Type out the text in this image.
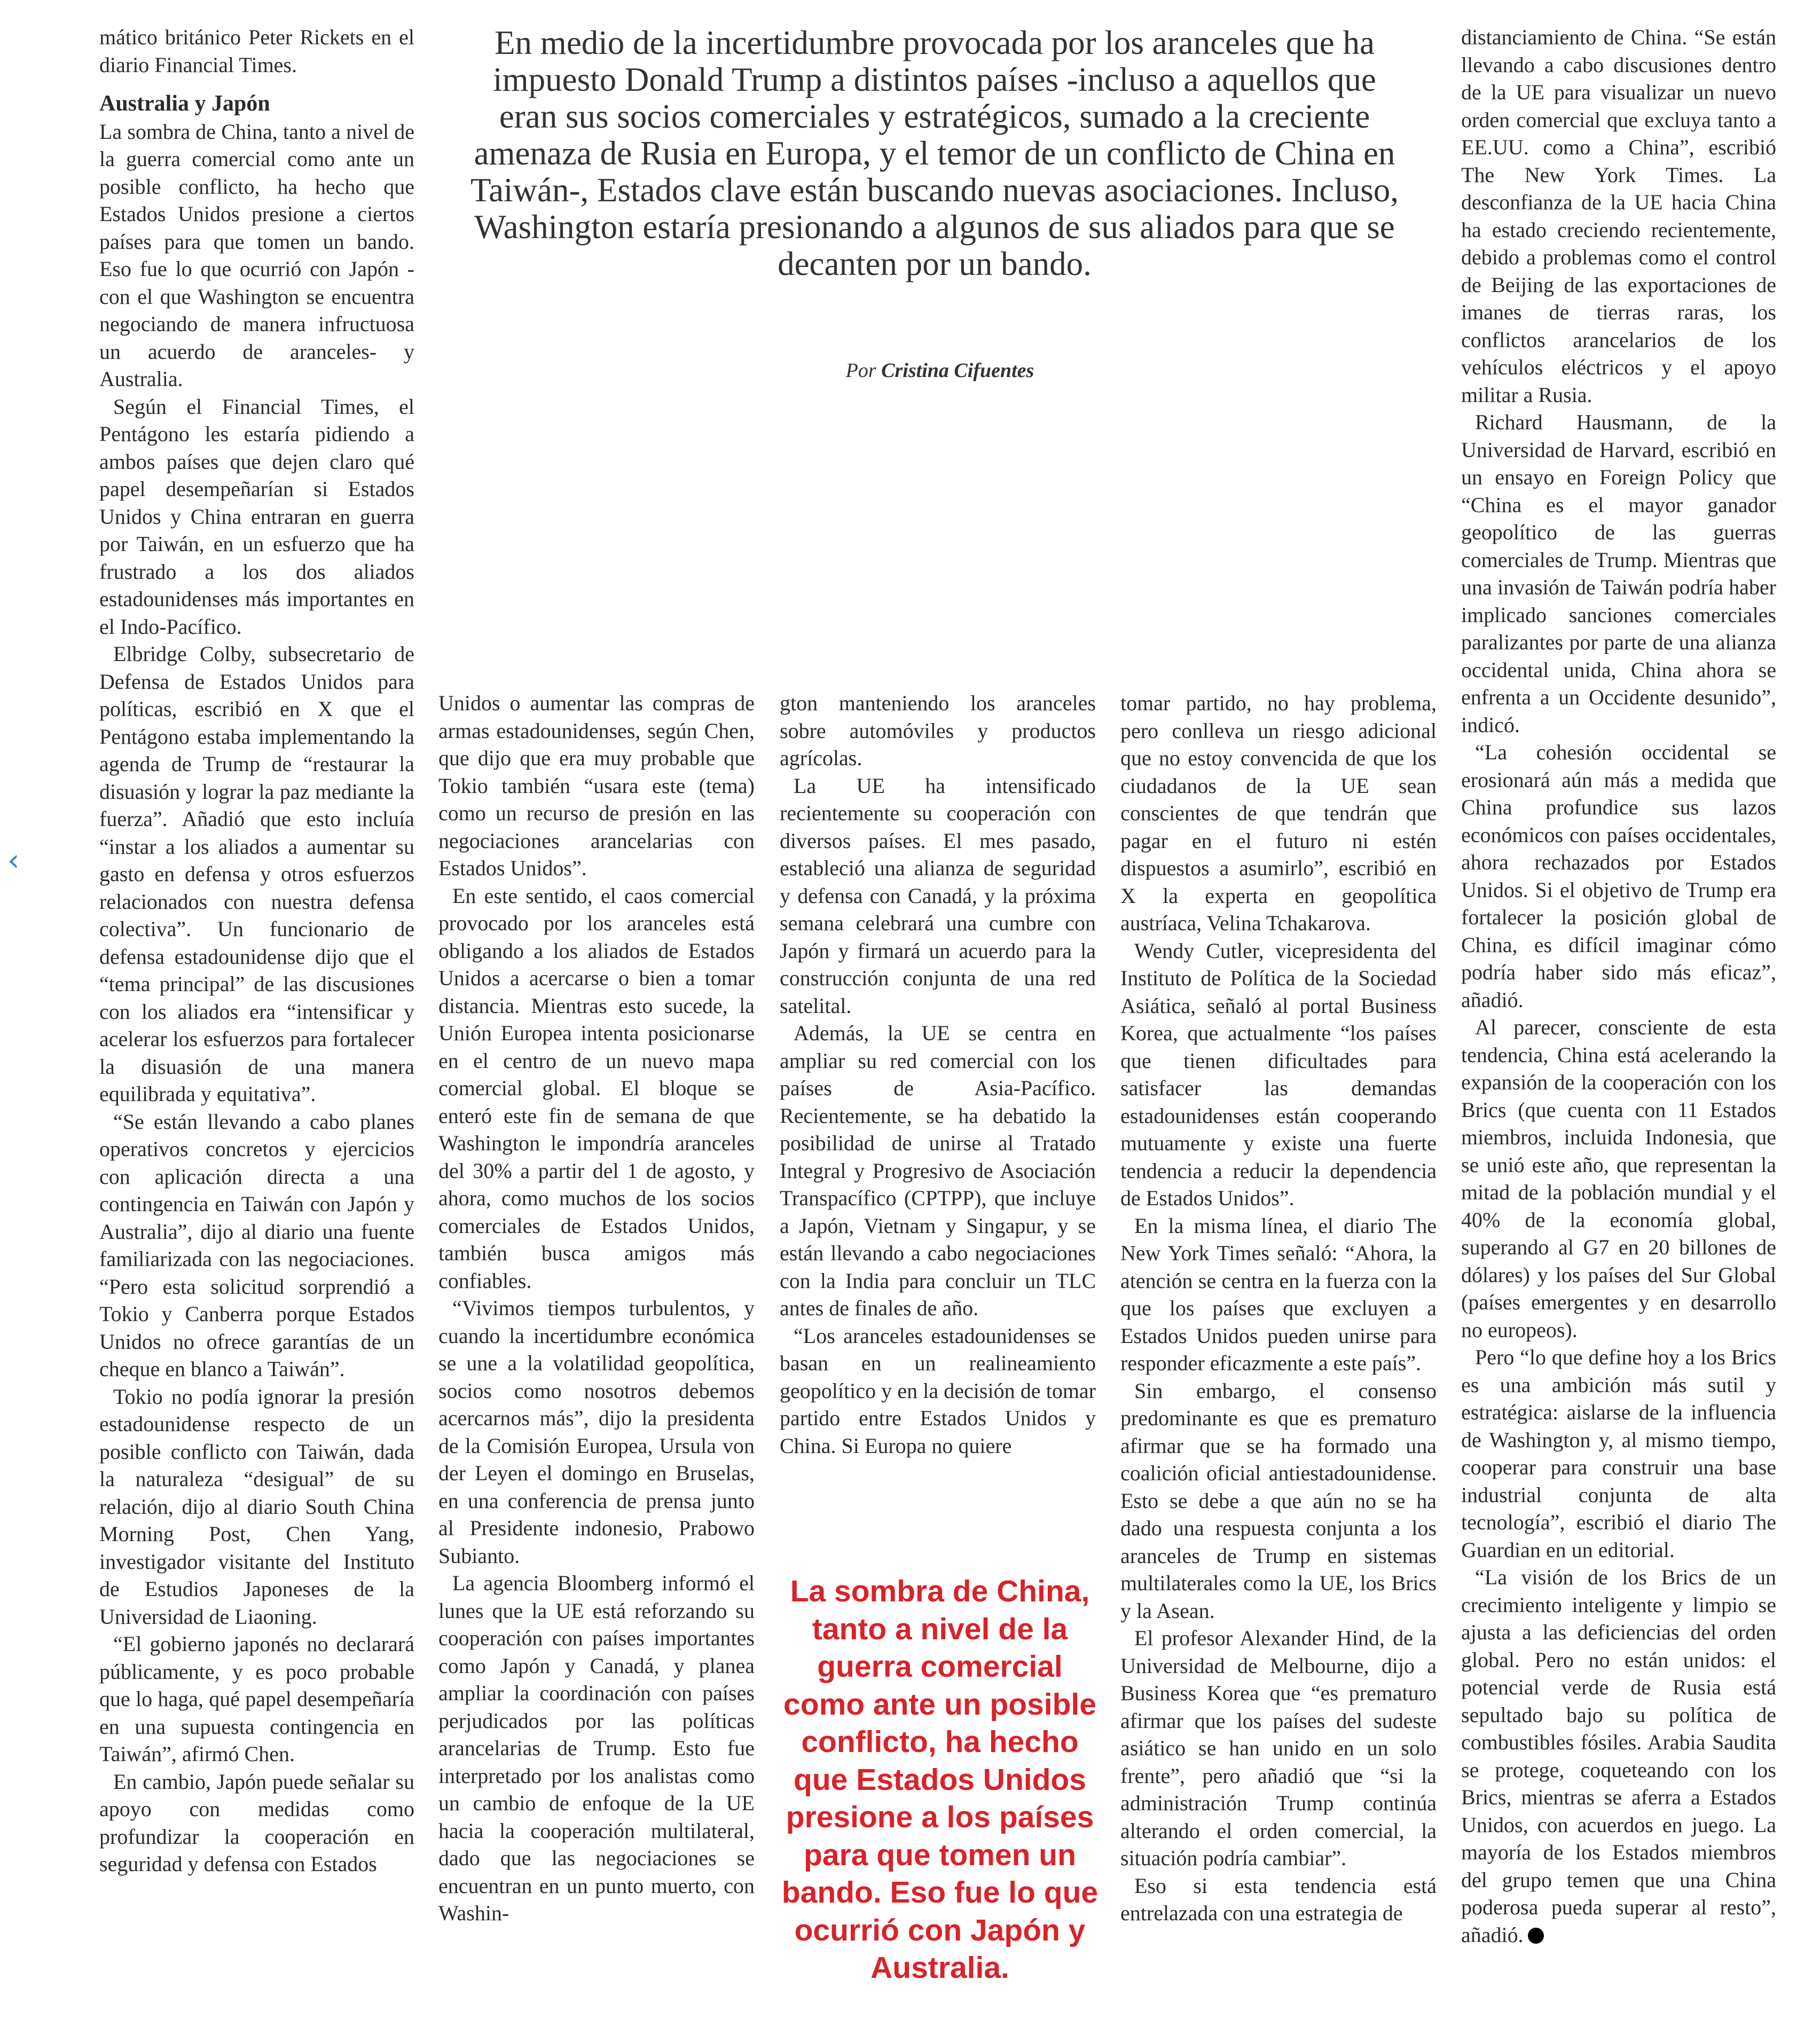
‹

En medio de la incertidumbre provocada por los aranceles que ha impuesto Donald Trump a distintos países -incluso a aquellos que eran sus socios comerciales y estratégicos, sumado a la creciente amenaza de Rusia en Europa, y el temor de un conflicto de China en Taiwán-, Estados clave están buscando nuevas asociaciones. Incluso, Washington estaría presionando a algunos de sus aliados para que se decanten por un bando.

Por Cristina Cifuentes

mático británico Peter Rickets en el diario Financial Times.

Australia y Japón

La sombra de China, tanto a nivel de la guerra comercial como ante un posible conflicto, ha hecho que Estados Unidos presione a ciertos países para que tomen un bando. Eso fue lo que ocurrió con Japón -con el que Washington se encuentra negociando de manera infructuosa un acuerdo de aranceles- y Australia.

Según el Financial Times, el Pentágono les estaría pidiendo a ambos países que dejen claro qué papel desempeñarían si Estados Unidos y China entraran en guerra por Taiwán, en un esfuerzo que ha frustrado a los dos aliados estadounidenses más importantes en el Indo-Pacífico.

Elbridge Colby, subsecretario de Defensa de Estados Unidos para políticas, escribió en X que el Pentágono estaba implementando la agenda de Trump de “restaurar la disuasión y lograr la paz mediante la fuerza”. Añadió que esto incluía “instar a los aliados a aumentar su gasto en defensa y otros esfuerzos relacionados con nuestra defensa colectiva”. Un funcionario de defensa estadounidense dijo que el “tema principal” de las discusiones con los aliados era “intensificar y acelerar los esfuerzos para fortalecer la disuasión de una manera equilibrada y equitativa”.

“Se están llevando a cabo planes operativos concretos y ejercicios con aplicación directa a una contingencia en Taiwán con Japón y Australia”, dijo al diario una fuente familiarizada con las negociaciones. “Pero esta solicitud sorprendió a Tokio y Canberra porque Estados Unidos no ofrece garantías de un cheque en blanco a Taiwán”.

Tokio no podía ignorar la presión estadounidense respecto de un posible conflicto con Taiwán, dada la naturaleza “desigual” de su relación, dijo al diario South China Morning Post, Chen Yang, investigador visitante del Instituto de Estudios Japoneses de la Universidad de Liaoning.

“El gobierno japonés no declarará públicamente, y es poco probable que lo haga, qué papel desempeñaría en una supuesta contingencia en Taiwán”, afirmó Chen.

En cambio, Japón puede señalar su apoyo con medidas como profundizar la cooperación en seguridad y defensa con Estados

Unidos o aumentar las compras de armas estadounidenses, según Chen, que dijo que era muy probable que Tokio también “usara este (tema) como un recurso de presión en las negociaciones arancelarias con Estados Unidos”.

En este sentido, el caos comercial provocado por los aranceles está obligando a los aliados de Estados Unidos a acercarse o bien a tomar distancia. Mientras esto sucede, la Unión Europea intenta posicionarse en el centro de un nuevo mapa comercial global. El bloque se enteró este fin de semana de que Washington le impondría aranceles del 30% a partir del 1 de agosto, y ahora, como muchos de los socios comerciales de Estados Unidos, también busca amigos más confiables.

“Vivimos tiempos turbulentos, y cuando la incertidumbre económica se une a la volatilidad geopolítica, socios como nosotros debemos acercarnos más”, dijo la presidenta de la Comisión Europea, Ursula von der Leyen el domingo en Bruselas, en una conferencia de prensa junto al Presidente indonesio, Prabowo Subianto.

La agencia Bloomberg informó el lunes que la UE está reforzando su cooperación con países importantes como Japón y Canadá, y planea ampliar la coordinación con países perjudicados por las políticas arancelarias de Trump. Esto fue interpretado por los analistas como un cambio de enfoque de la UE hacia la cooperación multilateral, dado que las negociaciones se encuentran en un punto muerto, con Washin-

gton manteniendo los aranceles sobre automóviles y productos agrícolas.

La UE ha intensificado recientemente su cooperación con diversos países. El mes pasado, estableció una alianza de seguridad y defensa con Canadá, y la próxima semana celebrará una cumbre con Japón y firmará un acuerdo para la construcción conjunta de una red satelital.

Además, la UE se centra en ampliar su red comercial con los países de Asia-Pacífico. Recientemente, se ha debatido la posibilidad de unirse al Tratado Integral y Progresivo de Asociación Transpacífico (CPTPP), que incluye a Japón, Vietnam y Singapur, y se están llevando a cabo negociaciones con la India para concluir un TLC antes de finales de año.

“Los aranceles estadounidenses se basan en un realineamiento geopolítico y en la decisión de tomar partido entre Estados Unidos y China. Si Europa no quiere

La sombra de China, tanto a nivel de la guerra comercial como ante un posible conflicto, ha hecho que Estados Unidos presione a los países para que tomen un bando. Eso fue lo que ocurrió con Japón y Australia.

tomar partido, no hay problema, pero conlleva un riesgo adicional que no estoy convencida de que los ciudadanos de la UE sean conscientes de que tendrán que pagar en el futuro ni estén dispuestos a asumirlo”, escribió en X la experta en geopolítica austríaca, Velina Tchakarova.

Wendy Cutler, vicepresidenta del Instituto de Política de la Sociedad Asiática, señaló al portal Business Korea, que actualmente “los países que tienen dificultades para satisfacer las demandas estadounidenses están cooperando mutuamente y existe una fuerte tendencia a reducir la dependencia de Estados Unidos”.

En la misma línea, el diario The New York Times señaló: “Ahora, la atención se centra en la fuerza con la que los países que excluyen a Estados Unidos pueden unirse para responder eficazmente a este país”.

Sin embargo, el consenso predominante es que es prematuro afirmar que se ha formado una coalición oficial antiestadounidense. Esto se debe a que aún no se ha dado una respuesta conjunta a los aranceles de Trump en sistemas multilaterales como la UE, los Brics y la Asean.

El profesor Alexander Hind, de la Universidad de Melbourne, dijo a Business Korea que “es prematuro afirmar que los países del sudeste asiático se han unido en un solo frente”, pero añadió que “si la administración Trump continúa alterando el orden comercial, la situación podría cambiar”.

Eso si esta tendencia está entrelazada con una estrategia de

distanciamiento de China. “Se están llevando a cabo discusiones dentro de la UE para visualizar un nuevo orden comercial que excluya tanto a EE.UU. como a China”, escribió The New York Times. La desconfianza de la UE hacia China ha estado creciendo recientemente, debido a problemas como el control de Beijing de las exportaciones de imanes de tierras raras, los conflictos arancelarios de los vehículos eléctricos y el apoyo militar a Rusia.

Richard Hausmann, de la Universidad de Harvard, escribió en un ensayo en Foreign Policy que “China es el mayor ganador geopolítico de las guerras comerciales de Trump. Mientras que una invasión de Taiwán podría haber implicado sanciones comerciales paralizantes por parte de una alianza occidental unida, China ahora se enfrenta a un Occidente desunido”, indicó.

“La cohesión occidental se erosionará aún más a medida que China profundice sus lazos económicos con países occidentales, ahora rechazados por Estados Unidos. Si el objetivo de Trump era fortalecer la posición global de China, es difícil imaginar cómo podría haber sido más eficaz”, añadió.

Al parecer, consciente de esta tendencia, China está acelerando la expansión de la cooperación con los Brics (que cuenta con 11 Estados miembros, incluida Indonesia, que se unió este año, que representan la mitad de la población mundial y el 40% de la economía global, superando al G7 en 20 billones de dólares) y los países del Sur Global (países emergentes y en desarrollo no europeos).

Pero “lo que define hoy a los Brics es una ambición más sutil y estratégica: aislarse de la influencia de Washington y, al mismo tiempo, cooperar para construir una base industrial conjunta de alta tecnología”, escribió el diario The Guardian en un editorial.

“La visión de los Brics de un crecimiento inteligente y limpio se ajusta a las deficiencias del orden global. Pero no están unidos: el potencial verde de Rusia está sepultado bajo su política de combustibles fósiles. Arabia Saudita se protege, coqueteando con los Brics, mientras se aferra a Estados Unidos, con acuerdos en juego. La mayoría de los Estados miembros del grupo temen que una China poderosa pueda superar al resto”, añadió.
